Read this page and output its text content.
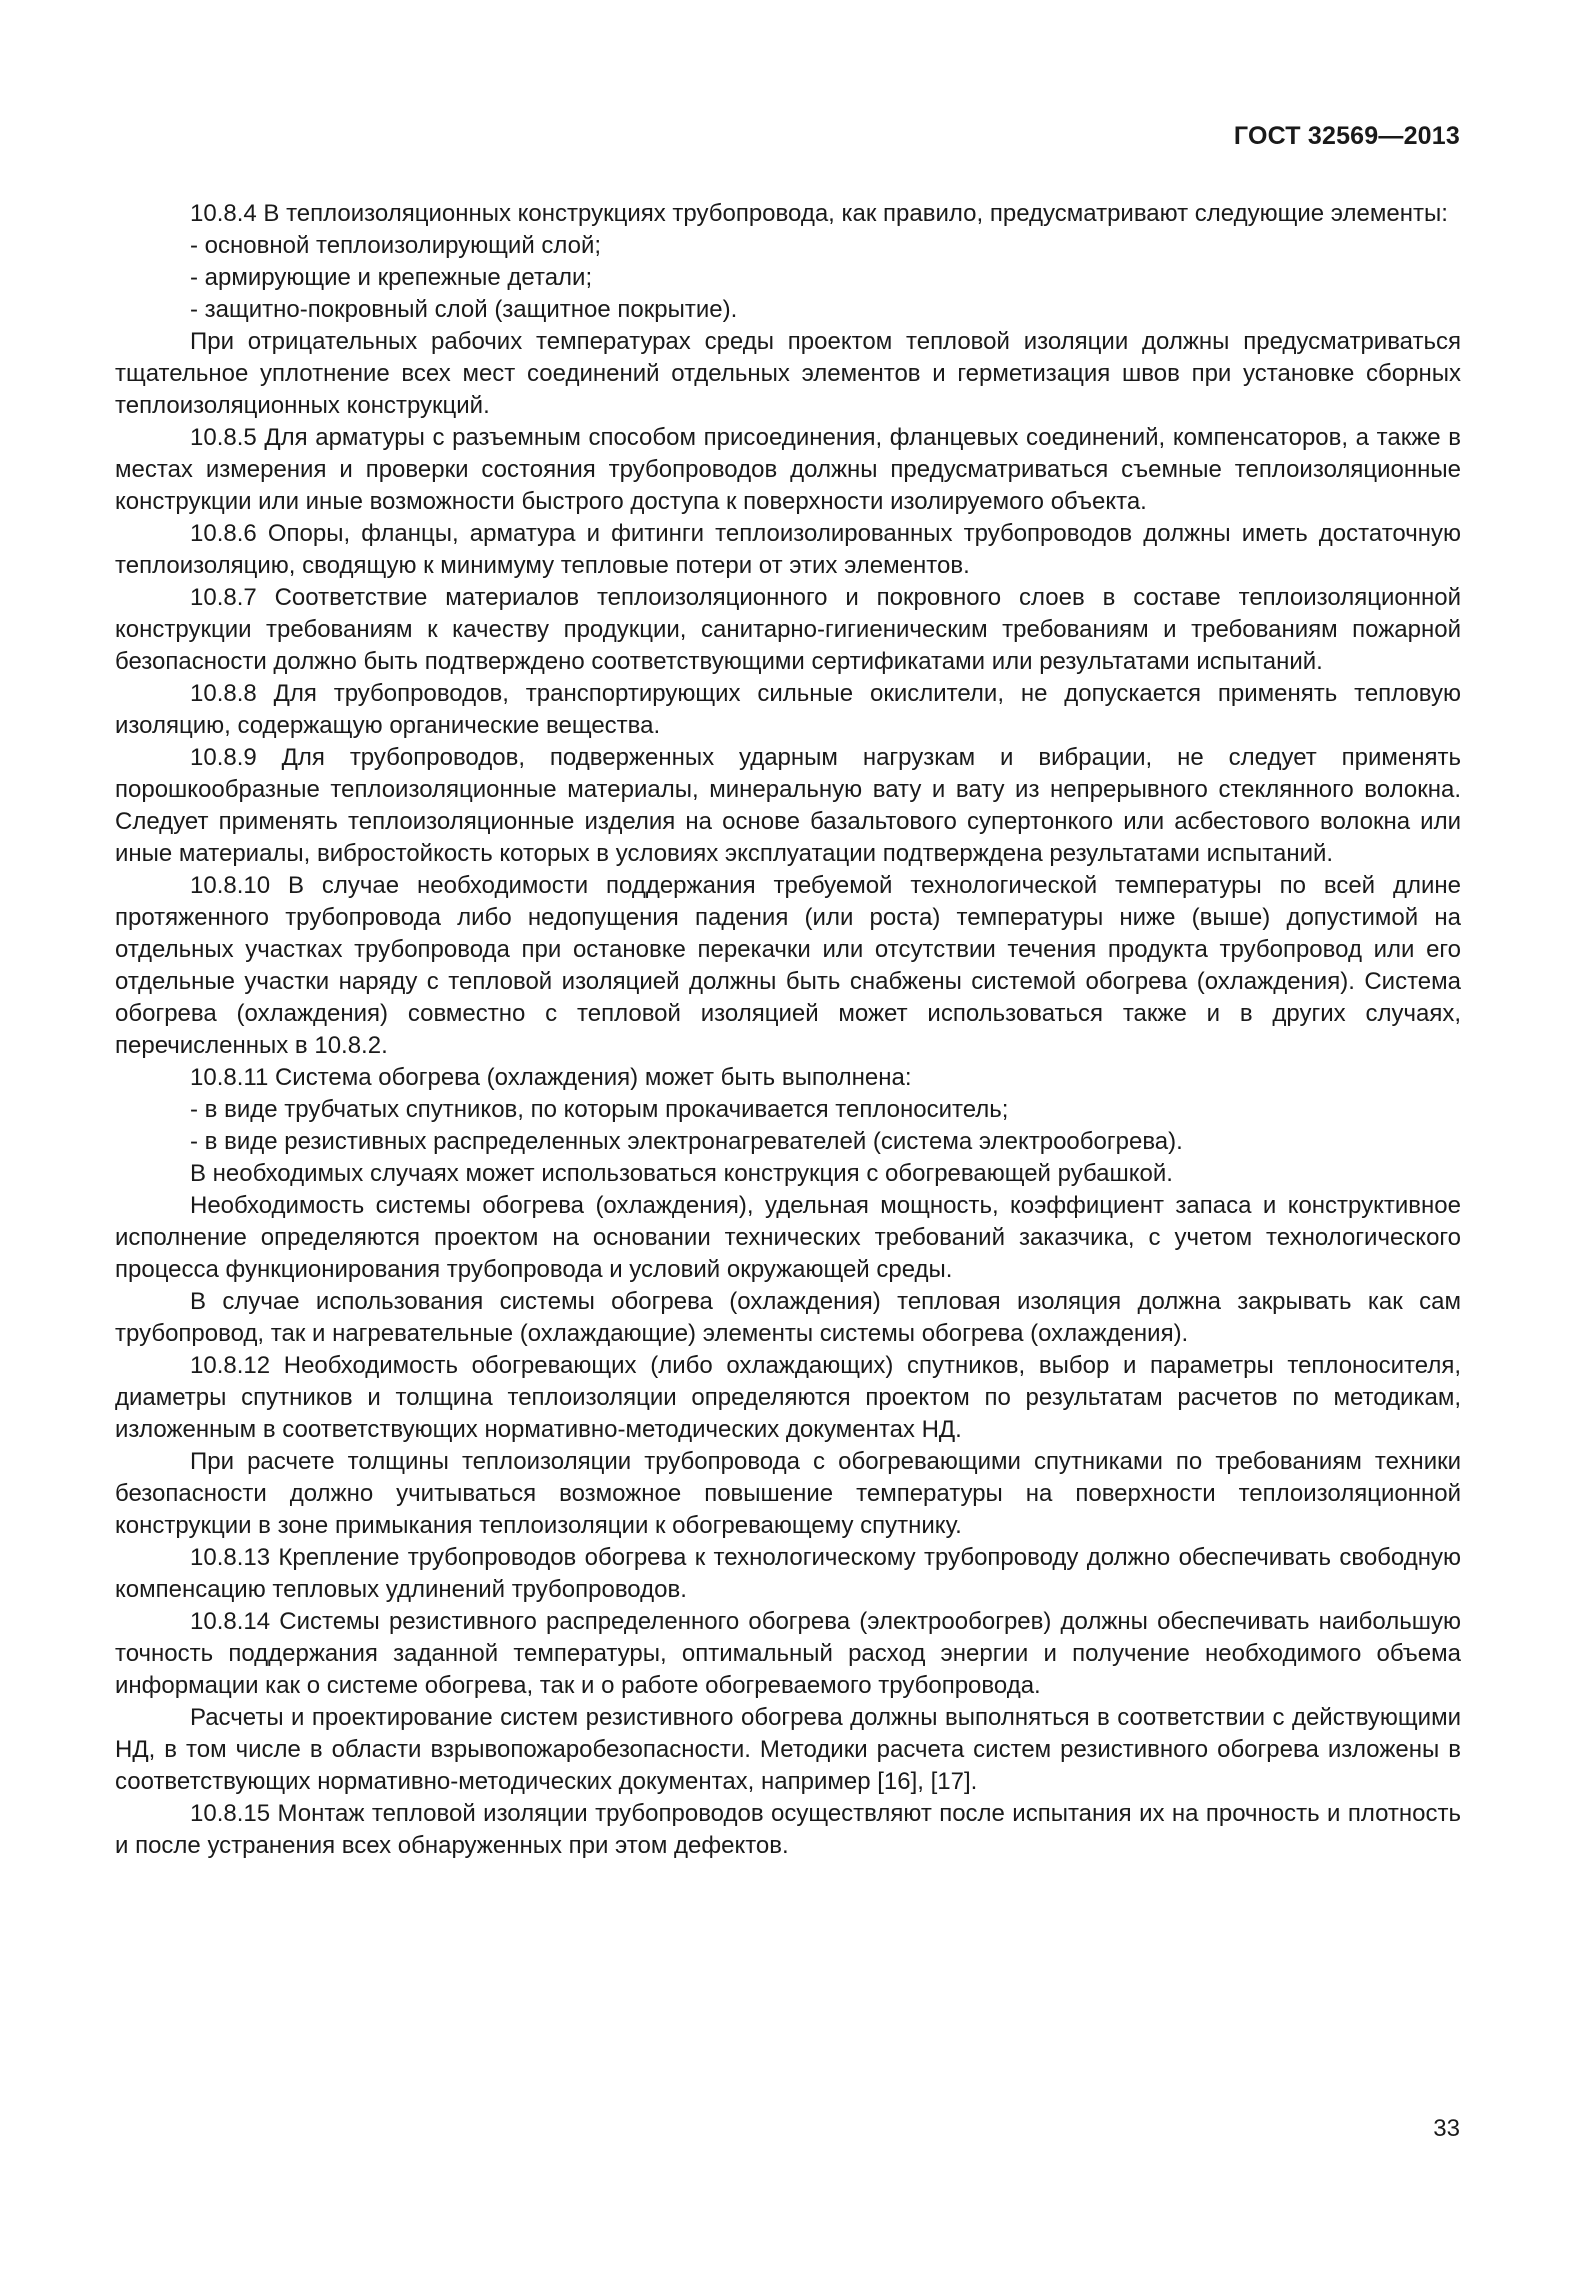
ГОСТ 32569—2013

10.8.4 В теплоизоляционных конструкциях трубопровода, как правило, предусматривают следующие элементы:

- основной теплоизолирующий слой;

- армирующие и крепежные детали;

- защитно-покровный слой (защитное покрытие).

При отрицательных рабочих температурах среды проектом тепловой изоляции должны предусматриваться тщательное уплотнение всех мест соединений отдельных элементов и герметизация швов при установке сборных теплоизоляционных конструкций.

10.8.5 Для арматуры с разъемным способом присоединения, фланцевых соединений, компенсаторов, а также в местах измерения и проверки состояния трубопроводов должны предусматриваться съемные теплоизоляционные конструкции или иные возможности быстрого доступа к поверхности изолируемого объекта.

10.8.6 Опоры, фланцы, арматура и фитинги теплоизолированных трубопроводов должны иметь достаточную теплоизоляцию, сводящую к минимуму тепловые потери от этих элементов.

10.8.7 Соответствие материалов теплоизоляционного и покровного слоев в составе теплоизоляционной конструкции требованиям к качеству продукции, санитарно-гигиеническим требованиям и требованиям пожарной безопасности должно быть подтверждено соответствующими сертификатами или результатами испытаний.

10.8.8 Для трубопроводов, транспортирующих сильные окислители, не допускается применять тепловую изоляцию, содержащую органические вещества.

10.8.9 Для трубопроводов, подверженных ударным нагрузкам и вибрации, не следует применять порошкообразные теплоизоляционные материалы, минеральную вату и вату из непрерывного стеклянного волокна. Следует применять теплоизоляционные изделия на основе базальтового супертонкого или асбестового волокна или иные материалы, вибростойкость которых в условиях эксплуатации подтверждена результатами испытаний.

10.8.10 В случае необходимости поддержания требуемой технологической температуры по всей длине протяженного трубопровода либо недопущения падения (или роста) температуры ниже (выше) допустимой на отдельных участках трубопровода при остановке перекачки или отсутствии течения продукта трубопровод или его отдельные участки наряду с тепловой изоляцией должны быть снабжены системой обогрева (охлаждения). Система обогрева (охлаждения) совместно с тепловой изоляцией может использоваться также и в других случаях, перечисленных в 10.8.2.

10.8.11 Система обогрева (охлаждения) может быть выполнена:

- в виде трубчатых спутников, по которым прокачивается теплоноситель;

- в виде резистивных распределенных электронагревателей (система электрообогрева).

В необходимых случаях может использоваться конструкция с обогревающей рубашкой.

Необходимость системы обогрева (охлаждения), удельная мощность, коэффициент запаса и конструктивное исполнение определяются проектом на основании технических требований заказчика, с учетом технологического процесса функционирования трубопровода и условий окружающей среды.

В случае использования системы обогрева (охлаждения) тепловая изоляция должна закрывать как сам трубопровод, так и нагревательные (охлаждающие) элементы системы обогрева (охлаждения).

10.8.12 Необходимость обогревающих (либо охлаждающих) спутников, выбор и параметры теплоносителя, диаметры спутников и толщина теплоизоляции определяются проектом по результатам расчетов по методикам, изложенным в соответствующих нормативно-методических документах НД.

При расчете толщины теплоизоляции трубопровода с обогревающими спутниками по требованиям техники безопасности должно учитываться возможное повышение температуры на поверхности теплоизоляционной конструкции в зоне примыкания теплоизоляции к обогревающему спутнику.

10.8.13 Крепление трубопроводов обогрева к технологическому трубопроводу должно обеспечивать свободную компенсацию тепловых удлинений трубопроводов.

10.8.14 Системы резистивного распределенного обогрева (электрообогрев) должны обеспечивать наибольшую точность поддержания заданной температуры, оптимальный расход энергии и получение необходимого объема информации как о системе обогрева, так и о работе обогреваемого трубопровода.

Расчеты и проектирование систем резистивного обогрева должны выполняться в соответствии с действующими НД, в том числе в области взрывопожаробезопасности. Методики расчета систем резистивного обогрева изложены в соответствующих нормативно-методических документах, например [16], [17].

10.8.15 Монтаж тепловой изоляции трубопроводов осуществляют после испытания их на прочность и плотность и после устранения всех обнаруженных при этом дефектов.

33
